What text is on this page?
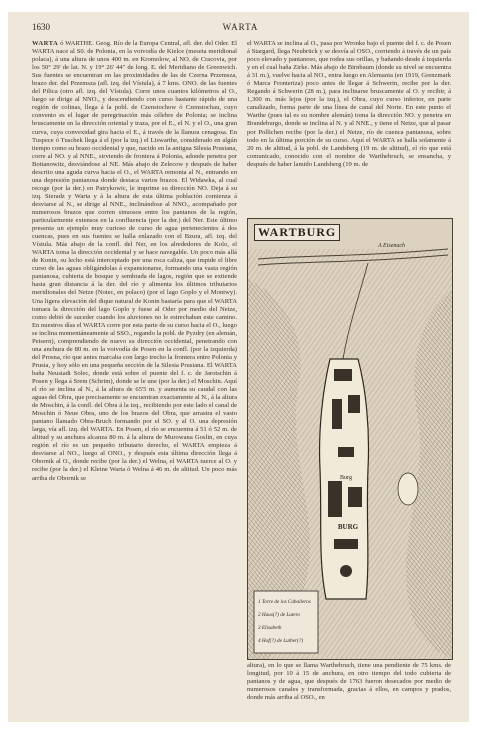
1630	WARTA

WARTA ó WARTHE. Geog. Río de la Europa Central, afl. der. del Oder. El WARTA nace al S0. de Polonia, en la voivodía de Kielce (meseta meridional polaca), á una altura de unos 400 m. en Kromolow, al NO. de Cracovia, por los 50° 29' de lat. N. y 19° 26' 44" de long. E. del Meridiano de Greenwich. Sus fuentes se encuentran en las proximidades de las de Czerna Przemsza, brazo der. del Przemsza (afl. izq. del Vístula), á 7 kms. ONO. de las fuentes del Pilica (otro afl. izq. del Vístula). Corre unos cuantos kilómetros al O., luego se dirige al NNO., y descendiendo con curso bastante rápido de una región de colinas, llega á la pobl. de Czenstochow ó Czenstochau, cuyo convento es el lugar de peregrinación más célebre de Polonia; se inclina bruscamente en la dirección oriental y traza, por el E., el N. y el O., una gran curva, cuya convexidad gira hacia el E., á través de la llanura cenagosa. En Tuspece ó Tuschek llega á el (por la izq.) el Liswarthe, considerado en algún tiempo como su brazo occidental y que, nacido en la antigua Silesia Prusiana, corre al NO. y al NNE., sirviendo de frontera á Polonia, adonde penetra por Bottanowitz, desviándose al NE. Más abajo de Zelecow y después de haber descrito una aguda curva hacia el O., el WARTA remonta al N., entrando en una depresión pantanosa donde destaca varios brazos. El Widawka, al cual recoge (por la der.) en Patrykowic, le imprime su dirección NO. Deja á su izq. Sieradz y Warta y á la altura de esta última población comienza á desviarse al N., se dirige al NNE., inclinándose al NNO., acompañado por numerosos brazos que corren sinuosos entre los pantanos de la región, particularmente extensos en la confluencia (por la der.) del Ner. Este último presenta un ejemplo muy curioso de curso de agua pertenecientes á dos cuencas, pues en sus fuentes se halla enlazado con el Bzura, afl. izq. del Vístula. Más abajo de la confl. del Ner, en los alrededores de Kolo, el WARTA toma la dirección occidental y se hace navegable. Un poco más allá de Konin, su lecho está interceptado por una roca caliza, que impide el libre curso de las aguas obligándolas á expansionarse, formando una vasta región pantanosa, cubierta de bosque y sembrada de lagos, región que se extiende hasta gran distancia á la der. del río y alimenta los últimos tributarios meridionales del Netze (Notec, en polaco) (por el lago Goplo y el Montwy). Una ligera elevación del dique natural de Konin bastaría para que el WARTA tomara la dirección del lago Goplo y fuese al Oder por medio del Netze, como debió de suceder cuando los aluviones no le estrechaban este camino. En nuestros días el WARTA corre por esta parte de su curso hacia el O., luego se inclina momentáneamente al SSO., regando la pobl. de Pyzdry (en alemán, Peisern), comprendiendo de nuevo su dirección occidental, penetrando con una anchura de 80 m. en la voivodía de Posen en la confl. (por la izquierda) del Prosna, río que antes marcaba con largo trecho la frontera entre Polonia y Prusia, y hoy sólo en una pequeña sección de la Silesia Prusiana. El WARTA baña Neustadt Solec, donde está sobre el puente del f. c. de Jarotschin á Posen y llega á Srem (Schrim), donde se le une (por la der.) el Moschin. Aquí el río se inclina al N., á la altura de 65'5 m. y aumenta su caudal con las aguas del Obra, que precisamente se encuentran exactamente al N., á la altura de Moschin, á la confl. del Obra á la izq., recibiendo por este lado el canal de Moschin ó Neue Obra, uno de los brazos del Obra, que arrastra el vasto pantano llamado Obra-Bruch formando por el SO. y al O. una depresión larga, vía afl. izq. del WARTA. En Posen, el río se encuentra á 51 ó 52 m. de altitud y su anchura alcanza 80 m. á la altura de Murowana Goslin, en cuya región el río es un pequeño tributario derecho, el WARTA empieza á desviarse al NO., luego al ONO., y después esta última dirección llega á Obornik al O., donde recibe (por la der.) el Welna, el WARTA tuerce al O. y recibe (por la der.) el Kleine Warta ó Welna á 46 m. de altitud. Un poco más arriba de Obornik se

el WARTA se inclina al O., pasa por Wronke bajo el puente del f. c. de Posen á Stargard, llega Neubrück y se desvía al OSO., corriendo á través de un país poco elevado y pantanoso, que rodea sus orillas, y bañando desde á izquierda y en el cual baña Zirke. Más abajo de Birnbaum (donde su nivel se encuentra á 31 m.), vuelve hacia al NO., entra luego en Alemania (en 1919, Grenzmark ó Marca Fronteriza) poco antes de llegar á Schwerin, recibe por la der. Regando á Schwerin (28 m.), para inclinarse bruscamente al O. y recibir, á 1,300 m. más lejos (por la izq.), el Obra, cuyo curso inferior, en parte canalizado, forma parte de una línea de canal del Norte. En este punto el Warthe (pues tal es su nombre alemán) toma la dirección NO. y penetra en Brandeburgo, donde se inclina al N. y al NNE., y tiene el Netze, que al pasar por Pollichen recibe (por la der.) el Netze, río de cuenca pantanosa, sobre todo en la última porción de su curso. Aquí el WARTA se halla solamente á 20 m. de altitud, á la pobl. de Landsberg (19 m. de altitud), el río que está comunicado, conocido con el nombre de Warthebruch, se ensancha, y después de haber lamido Landsberg (19 m. de

1 Torre de los Caballeros
2 Haus(?) de Lutero
3 Elisabeth
4 Hof(?) de Luther(?)
A Eisenach
Burg
BURG
WARTBURG

altura), en lo que se llama Warthebruch, tiene una pendiente de 75 kms. de longitud, por 10 á 15 de anchura, en otro tiempo del todo cubierta de pantanos y de agua, que después de 1763 fueron desecados por medio de numerosos canales y transformada, gracias á ellos, en campos y prados, donde más arriba al OSO., en
